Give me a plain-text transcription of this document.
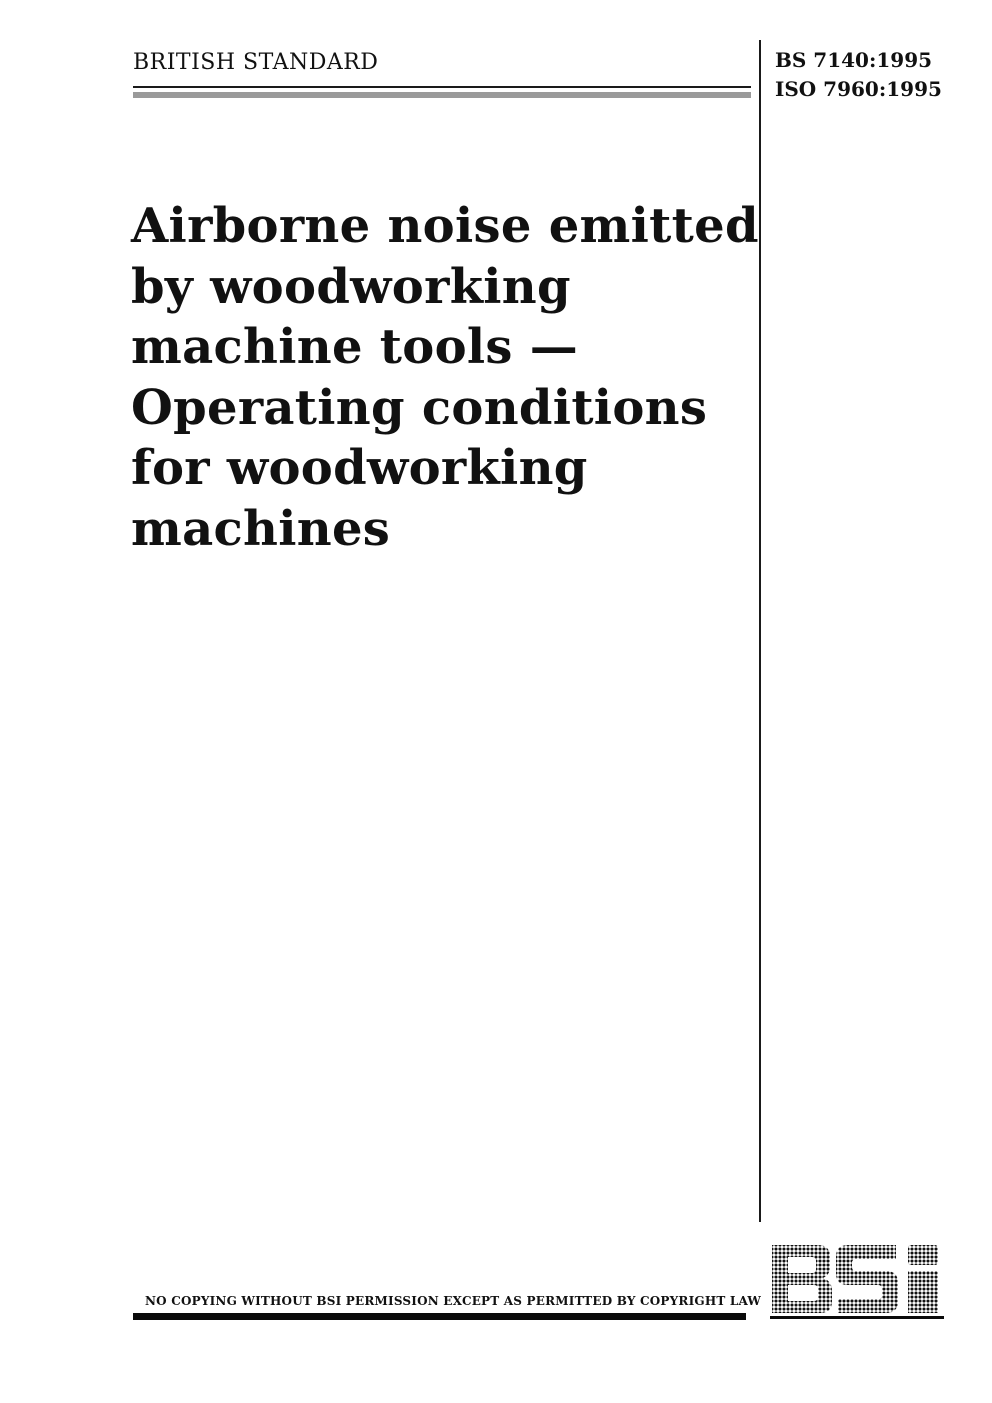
BRITISH STANDARD	BS 7140:1995
ISO 7960:1995
Airborne noise emitted
by woodworking
machine tools —
Operating conditions
for woodworking
machines
NO COPYING WITHOUT BSI PERMISSION EXCEPT AS PERMITTED BY COPYRIGHT LAW
